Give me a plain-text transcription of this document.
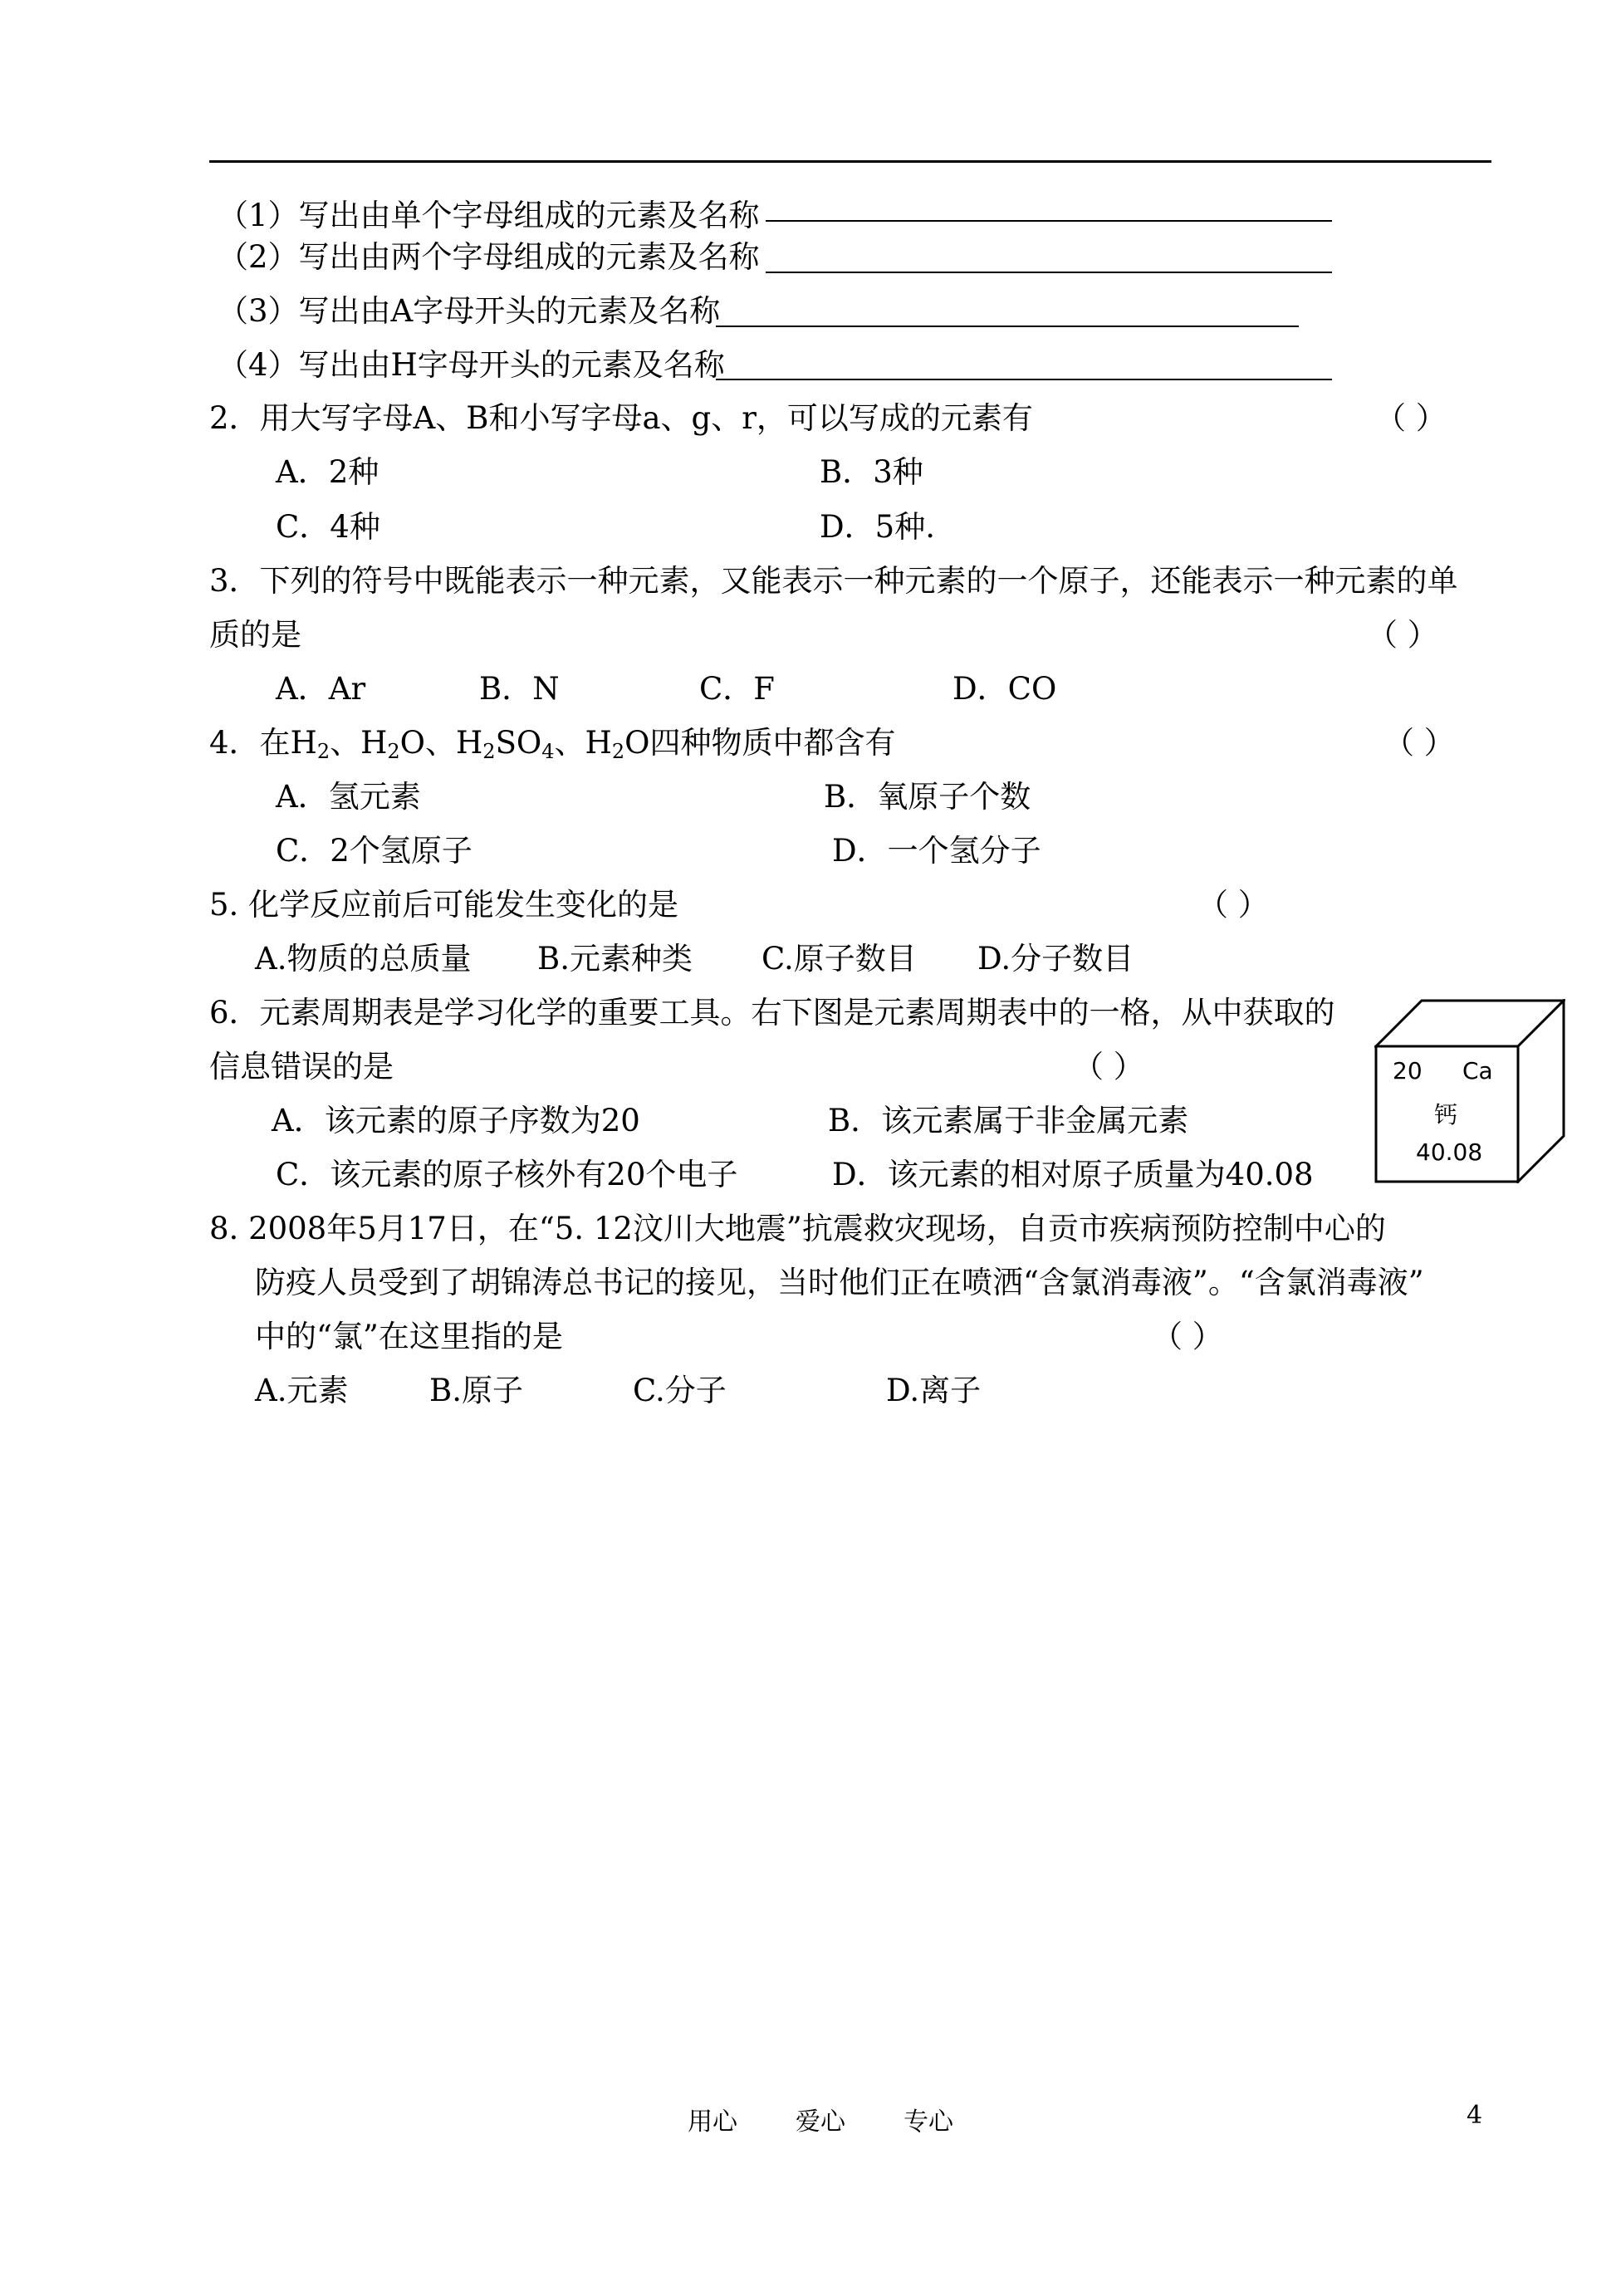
（1）写出由单个字母组成的元素及名称
（2）写出由两个字母组成的元素及名称
（3）写出由A字母开头的元素及名称
（4）写出由H字母开头的元素及名称
2．用大写字母A、B和小写字母a、g、r，可以写成的元素有	（ ）
A．2种	B．3种
C．4种	D．5种.
3．下列的符号中既能表示一种元素，又能表示一种元素的一个原子，还能表示一种元素的单
质的是	（ ）
A．Ar	B．N	C．F	D．CO
4．在$H_2$、$H_2O$、$H_2SO_4$、$H_2O$四种物质中都含有	（ ）
A．氢元素	B．氧原子个数
C．2个氢原子	D．一个氢分子
5. 化学反应前后可能发生变化的是	（ ）
A.物质的总质量 B.元素种类 C.原子数目 D.分子数目
6．元素周期表是学习化学的重要工具。右下图是元素周期表中的一格，从中获取的
信息错误的是	（ ）
A．该元素的原子序数为20	B．该元素属于非金属元素
C．该元素的原子核外有20个电子	D．该元素的相对原子质量为40.08
20 Ca
钙
40.08
8. 2008年5月17日，在“5. 12汶川大地震”抗震救灾现场，自贡市疾病预防控制中心的
防疫人员受到了胡锦涛总书记的接见，当时他们正在喷洒“含氯消毒液”。“含氯消毒液”
中的“氯”在这里指的是	（ ）
A.元素	B.原子	C.分子	D.离子
用心 爱心 专心	4
